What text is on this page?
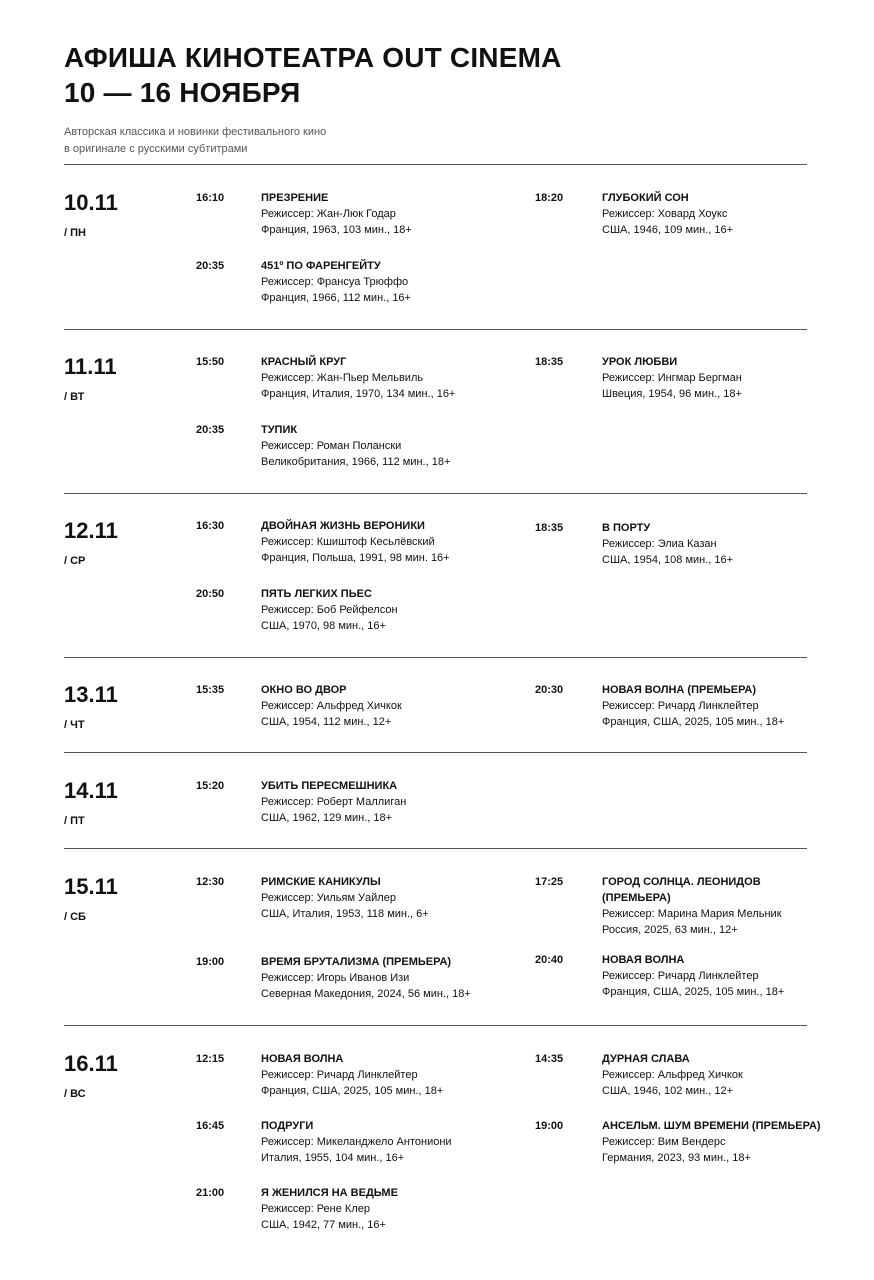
АФИША КИНОТЕАТРА OUT CINEMA
10 — 16 НОЯБРЯ

Авторская классика и новинки фестивального кино
в оригинале с русскими субтитрами

10.11
/ ПН
16:10	ПРЕЗРЕНИЕ
Режиссер: Жан-Люк Годар
Франция, 1963, 103 мин., 18+
18:20	ГЛУБОКИЙ СОН
Режиссер: Ховард Хоукс
США, 1946, 109 мин., 16+
20:35	451º ПО ФАРЕНГЕЙТУ
Режиссер: Франсуа Трюффо
Франция, 1966, 112 мин., 16+
11.11
/ ВТ
15:50	КРАСНЫЙ КРУГ
Режиссер: Жан-Пьер Мельвиль
Франция, Италия, 1970, 134 мин., 16+
18:35	УРОК ЛЮБВИ
Режиссер: Ингмар Бергман
Швеция, 1954, 96 мин., 18+
20:35	ТУПИК
Режиссер: Роман Полански
Великобритания, 1966, 112 мин., 18+
12.11
/ СР
16:30	ДВОЙНАЯ ЖИЗНЬ ВЕРОНИКИ
Режиссер: Кшиштоф Кесьлёвский
Франция, Польша, 1991, 98 мин. 16+
18:35	В ПОРТУ
Режиссер: Элиа Казан
США, 1954, 108 мин., 16+
20:50	ПЯТЬ ЛЕГКИХ ПЬЕС
Режиссер: Боб Рейфелсон
США, 1970, 98 мин., 16+
13.11
/ ЧТ
15:35	ОКНО ВО ДВОР
Режиссер: Альфред Хичкок
США, 1954, 112 мин., 12+
20:30	НОВАЯ ВОЛНА (ПРЕМЬЕРА)
Режиссер: Ричард Линклейтер
Франция, США, 2025, 105 мин., 18+
14.11
/ ПТ
15:20	УБИТЬ ПЕРЕСМЕШНИКА
Режиссер: Роберт Маллиган
США, 1962, 129 мин., 18+
15.11
/ СБ
12:30	РИМСКИЕ КАНИКУЛЫ
Режиссер: Уильям Уайлер
США, Италия, 1953, 118 мин., 6+
17:25	ГОРОД СОЛНЦА. ЛЕОНИДОВ (ПРЕМЬЕРА)
Режиссер: Марина Мария Мельник
Россия, 2025, 63 мин., 12+
19:00	ВРЕМЯ БРУТАЛИЗМА (ПРЕМЬЕРА)
Режиссер: Игорь Иванов Изи
Северная Македония, 2024, 56 мин., 18+
20:40	НОВАЯ ВОЛНА
Режиссер: Ричард Линклейтер
Франция, США, 2025, 105 мин., 18+
16.11
/ ВС
12:15	НОВАЯ ВОЛНА
Режиссер: Ричард Линклейтер
Франция, США, 2025, 105 мин., 18+
14:35	ДУРНАЯ СЛАВА
Режиссер: Альфред Хичкок
США, 1946, 102 мин., 12+
16:45	ПОДРУГИ
Режиссер: Микеланджело Антониони
Италия, 1955, 104 мин., 16+
19:00	АНСЕЛЬМ. ШУМ ВРЕМЕНИ (ПРЕМЬЕРА)
Режиссер: Вим Вендерс
Германия, 2023, 93 мин., 18+
21:00	Я ЖЕНИЛСЯ НА ВЕДЬМЕ
Режиссер: Рене Клер
США, 1942, 77 мин., 16+
